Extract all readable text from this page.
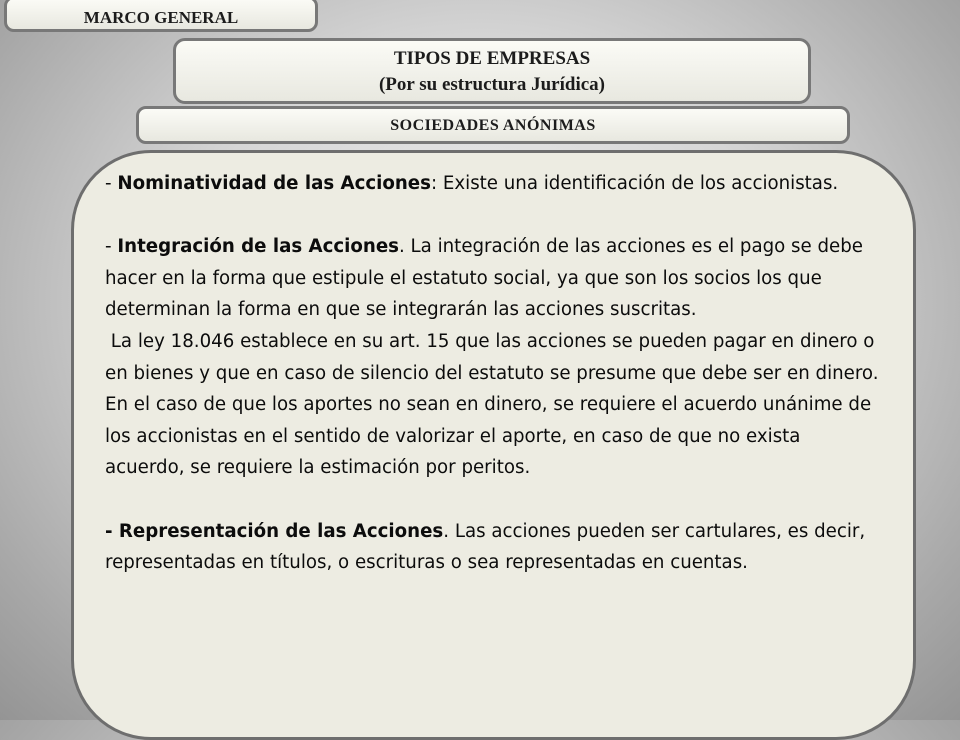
MARCO GENERAL
TIPOS DE EMPRESAS
(Por su estructura Jurídica)
SOCIEDADES ANÓNIMAS

- Nominatividad de las Acciones: Existe una identificación de los accionistas.

- Integración de las Acciones. La integración de las acciones es el pago se debe hacer en la forma que estipule el estatuto social, ya que son los socios los que determinan la forma en que se integrarán las acciones suscritas.

La ley 18.046 establece en su art. 15 que las acciones se pueden pagar en dinero o en bienes y que en caso de silencio del estatuto se presume que debe ser en dinero.

En el caso de que los aportes no sean en dinero, se requiere el acuerdo unánime de los accionistas en el sentido de valorizar el aporte, en caso de que no exista acuerdo, se requiere la estimación por peritos.

- Representación de las Acciones. Las acciones pueden ser cartulares, es decir, representadas en títulos, o escrituras o sea representadas en cuentas.
